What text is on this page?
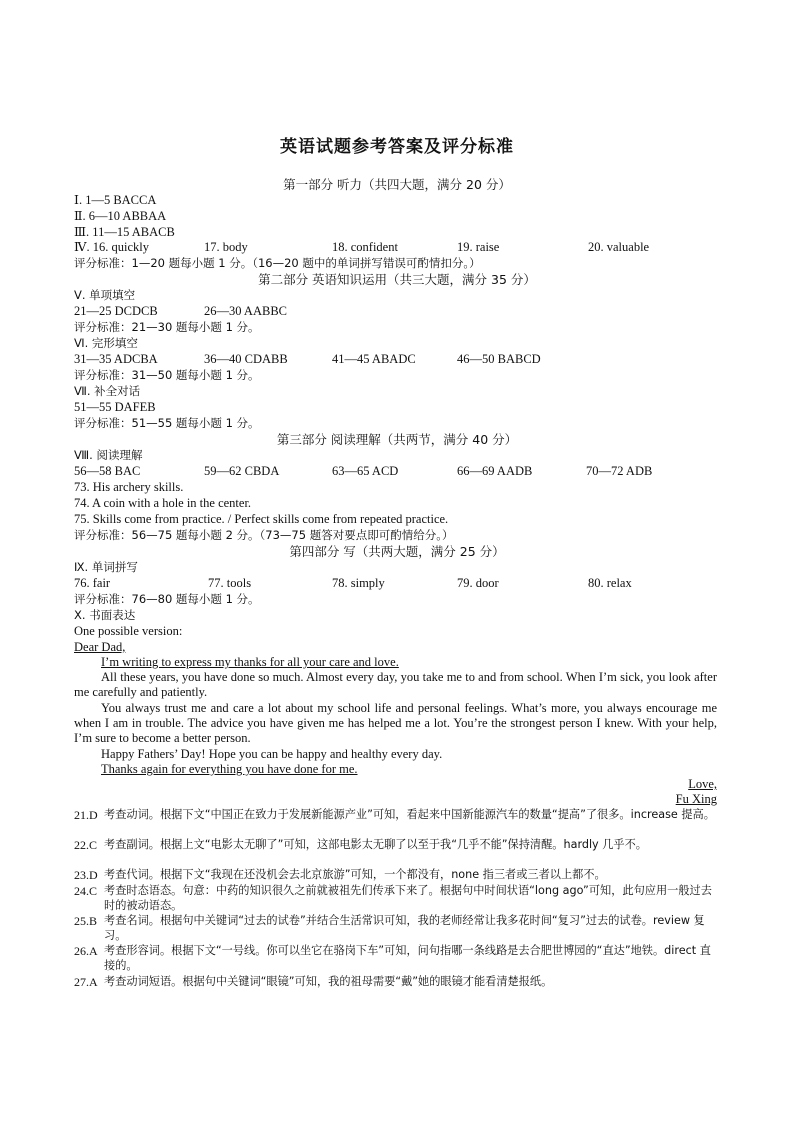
英语试题参考答案及评分标准
第一部分 听力（共四大题，满分 20 分）
Ⅰ. 1—5 BACCA
Ⅱ. 6—10 ABBAA
Ⅲ. 11—15 ABACB
Ⅳ. 16. quickly	17. body	18. confident	19. raise	20. valuable
评分标准：1—20 题每小题 1 分。（16—20 题中的单词拼写错误可酌情扣分。）
第二部分 英语知识运用（共三大题，满分 35 分）
Ⅴ. 单项填空
21—25 DCDCB	26—30 AABBC
评分标准：21—30 题每小题 1 分。
Ⅵ. 完形填空
31—35 ADCBA	36—40 CDABB	41—45 ABADC	46—50 BABCD
评分标准：31—50 题每小题 1 分。
Ⅶ. 补全对话
51—55 DAFEB
评分标准：51—55 题每小题 1 分。
第三部分 阅读理解（共两节，满分 40 分）
Ⅷ. 阅读理解
56—58 BAC	59—62 CBDA	63—65 ACD	66—69 AADB	70—72 ADB
73. His archery skills.
74. A coin with a hole in the center.
75. Skills come from practice. / Perfect skills come from repeated practice.
评分标准：56—75 题每小题 2 分。（73—75 题答对要点即可酌情给分。）
第四部分 写（共两大题，满分 25 分）
Ⅸ. 单词拼写
76. fair	77. tools	78. simply	79. door	80. relax
评分标准：76—80 题每小题 1 分。
Ⅹ. 书面表达
One possible version:
Dear Dad,
I’m writing to express my thanks for all your care and love.
All these years, you have done so much. Almost every day, you take me to and from school. When I’m sick, you look after me carefully and patiently.
You always trust me and care a lot about my school life and personal feelings. What’s more, you always encourage me when I am in trouble. The advice you have given me has helped me a lot. You’re the strongest person I knew. With your help, I’m sure to become a better person.
Happy Fathers’ Day! Hope you can be happy and healthy every day.
Thanks again for everything you have done for me.
Love,
Fu Xing
21.D 考查动词。根据下文“中国正在致力于发展新能源产业”可知，看起来中国新能源汽车的数量“提高”了很多。increase 提高。
22.C 考查副词。根据上文“电影太无聊了”可知，这部电影太无聊了以至于我“几乎不能”保持清醒。hardly 几乎不。
23.D 考查代词。根据下文“我现在还没机会去北京旅游”可知，一个都没有，none 指三者或三者以上都不。
24.C 考查时态语态。句意：中药的知识很久之前就被祖先们传承下来了。根据句中时间状语“long ago”可知，此句应用一般过去时的被动语态。
25.B 考查名词。根据句中关键词“过去的试卷”并结合生活常识可知，我的老师经常让我多花时间“复习”过去的试卷。review 复习。
26.A 考查形容词。根据下文“一号线。你可以坐它在骆岗下车”可知，问句指哪一条线路是去合肥世博园的“直达”地铁。direct 直接的。
27.A 考查动词短语。根据句中关键词“眼镜”可知，我的祖母需要“戴”她的眼镜才能看清楚报纸。
